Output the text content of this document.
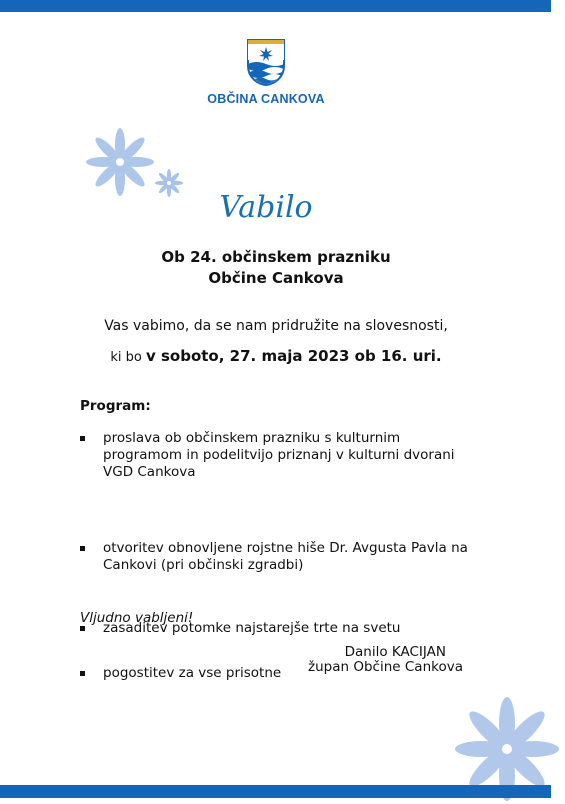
OBČINA CANKOVA
Vabilo
Ob 24. občinskem prazniku
Občine Cankova
Vas vabimo, da se nam pridružite na slovesnosti,
ki bo v soboto, 27. maja 2023 ob 16. uri.
Program:
proslava ob občinskem prazniku s kulturnim programom in podelitvijo priznanj v kulturni dvorani VGD Cankova
otvoritev obnovljene rojstne hiše Dr. Avgusta Pavla na Cankovi (pri občinski zgradbi)
zasaditev potomke najstarejše trte na svetu
pogostitev za vse prisotne
Vljudno vabljeni!
Danilo KACIJAN
župan Občine Cankova
